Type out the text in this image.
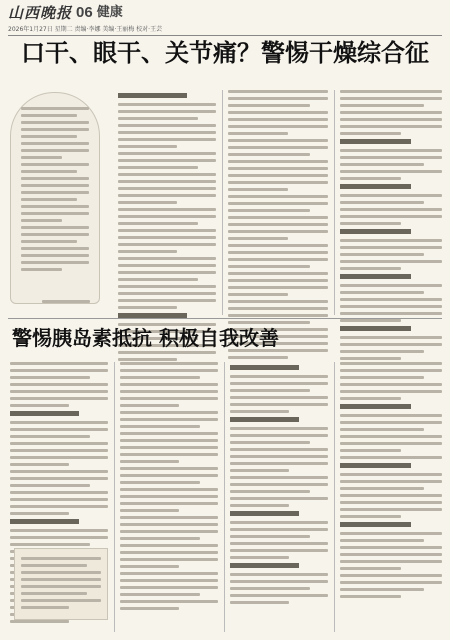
山西晚报 06 健康
2026年1月27日 星期二 责编·李娜 美编·王丽梅 校对·王芸
口干、眼干、关节痛？警惕干燥综合征
警惕胰岛素抵抗 积极自我改善
